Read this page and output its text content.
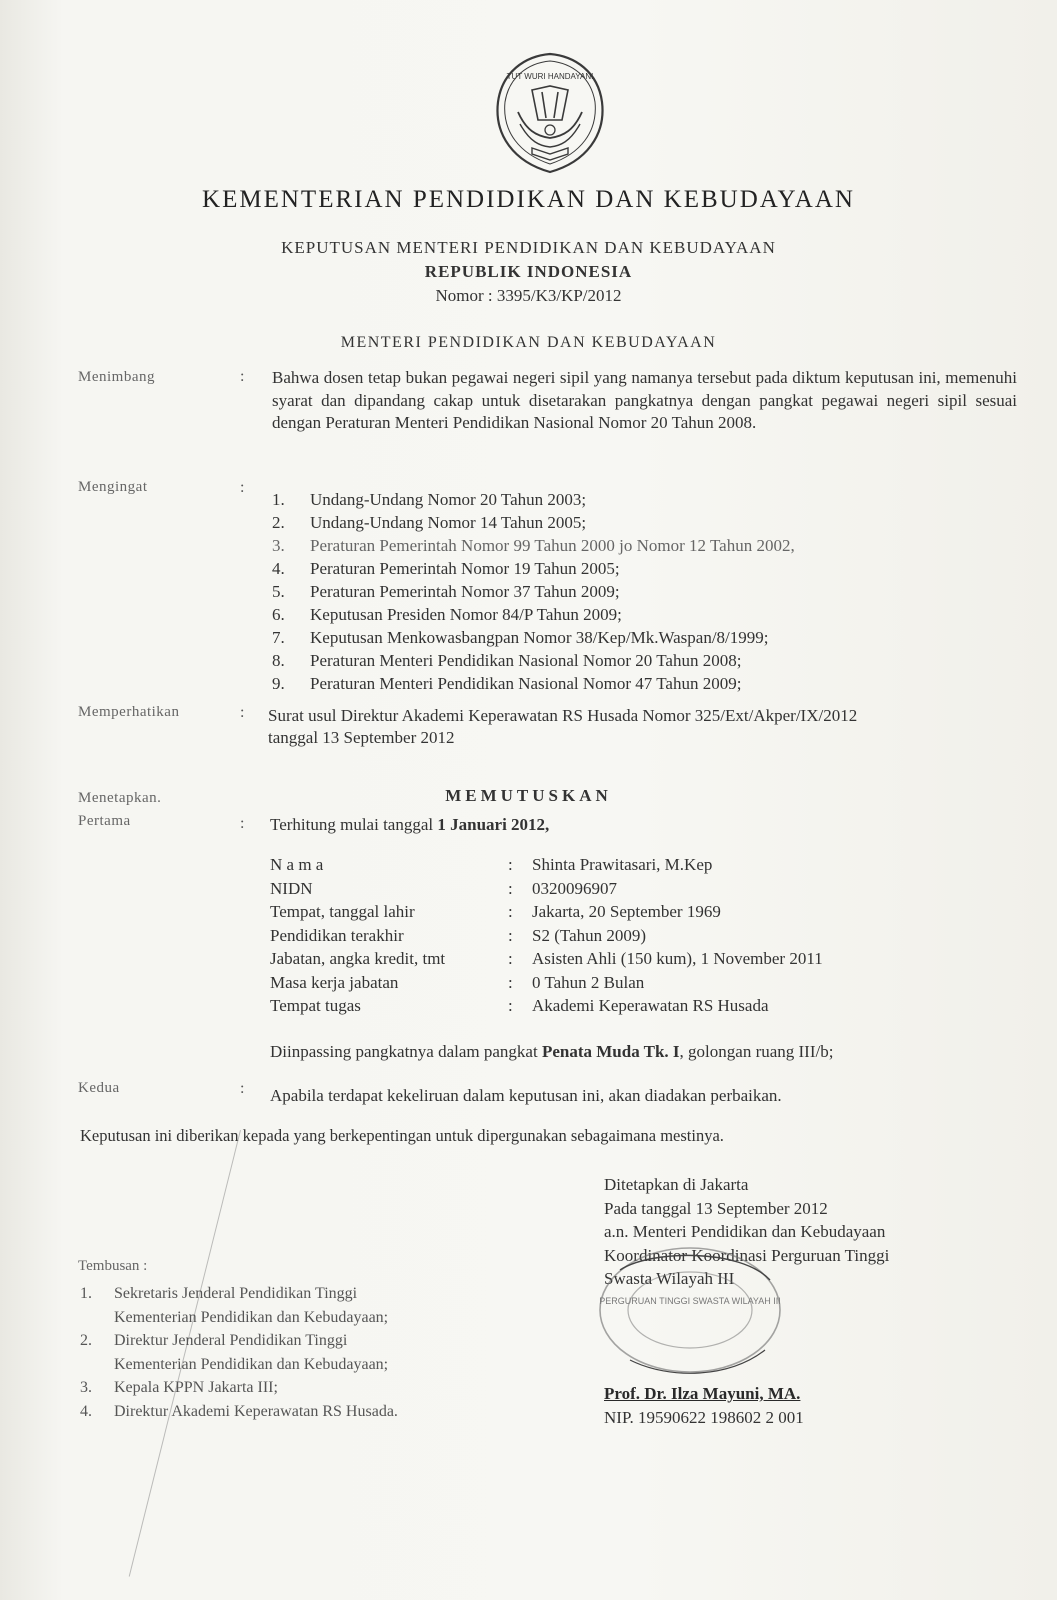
TUT WURI HANDAYANI
KEMENTERIAN PENDIDIKAN DAN KEBUDAYAAN
KEPUTUSAN MENTERI PENDIDIKAN DAN KEBUDAYAAN
REPUBLIK INDONESIA
Nomor : 3395/K3/KP/2012
MENTERI PENDIDIKAN DAN KEBUDAYAAN
Menimbang	: Bahwa dosen tetap bukan pegawai negeri sipil yang namanya tersebut pada diktum keputusan ini, memenuhi syarat dan dipandang cakap untuk disetarakan pangkatnya dengan pangkat pegawai negeri sipil sesuai dengan Peraturan Menteri Pendidikan Nasional Nomor 20 Tahun 2008.
Mengingat	:
1. Undang-Undang Nomor 20 Tahun 2003;
2. Undang-Undang Nomor 14 Tahun 2005;
3. Peraturan Pemerintah Nomor 99 Tahun 2000 jo Nomor 12 Tahun 2002,
4. Peraturan Pemerintah Nomor 19 Tahun 2005;
5. Peraturan Pemerintah Nomor 37 Tahun 2009;
6. Keputusan Presiden Nomor 84/P Tahun 2009;
7. Keputusan Menkowasbangpan Nomor 38/Kep/Mk.Waspan/8/1999;
8. Peraturan Menteri Pendidikan Nasional Nomor 20 Tahun 2008;
9. Peraturan Menteri Pendidikan Nasional Nomor 47 Tahun 2009;
Memperhatikan	: Surat usul Direktur Akademi Keperawatan RS Husada Nomor 325/Ext/Akper/IX/2012
tanggal 13 September 2012
MEMUTUSKAN
Menetapkan.
Pertama	: Terhitung mulai tanggal 1 Januari 2012,
N a m a	: Shinta Prawitasari, M.Kep
NIDN	: 0320096907
Tempat, tanggal lahir	: Jakarta, 20 September 1969
Pendidikan terakhir	: S2 (Tahun 2009)
Jabatan, angka kredit, tmt	: Asisten Ahli (150 kum), 1 November 2011
Masa kerja jabatan	: 0 Tahun 2 Bulan
Tempat tugas	: Akademi Keperawatan RS Husada
Diinpassing pangkatnya dalam pangkat Penata Muda Tk. I, golongan ruang III/b;
Kedua	: Apabila terdapat kekeliruan dalam keputusan ini, akan diadakan perbaikan.
Keputusan ini diberikan kepada yang berkepentingan untuk dipergunakan sebagaimana mestinya.
Ditetapkan di Jakarta
Pada tanggal 13 September 2012
a.n. Menteri Pendidikan dan Kebudayaan
Koordinator Koordinasi Perguruan Tinggi
Swasta Wilayah III
PERGURUAN TINGGI SWASTA WILAYAH III
Prof. Dr. Ilza Mayuni, MA.
NIP. 19590622 198602 2 001
Tembusan :
1. Sekretaris Jenderal Pendidikan Tinggi
Kementerian Pendidikan dan Kebudayaan;
2. Direktur Jenderal Pendidikan Tinggi
Kementerian Pendidikan dan Kebudayaan;
3. Kepala KPPN Jakarta III;
4. Direktur Akademi Keperawatan RS Husada.
